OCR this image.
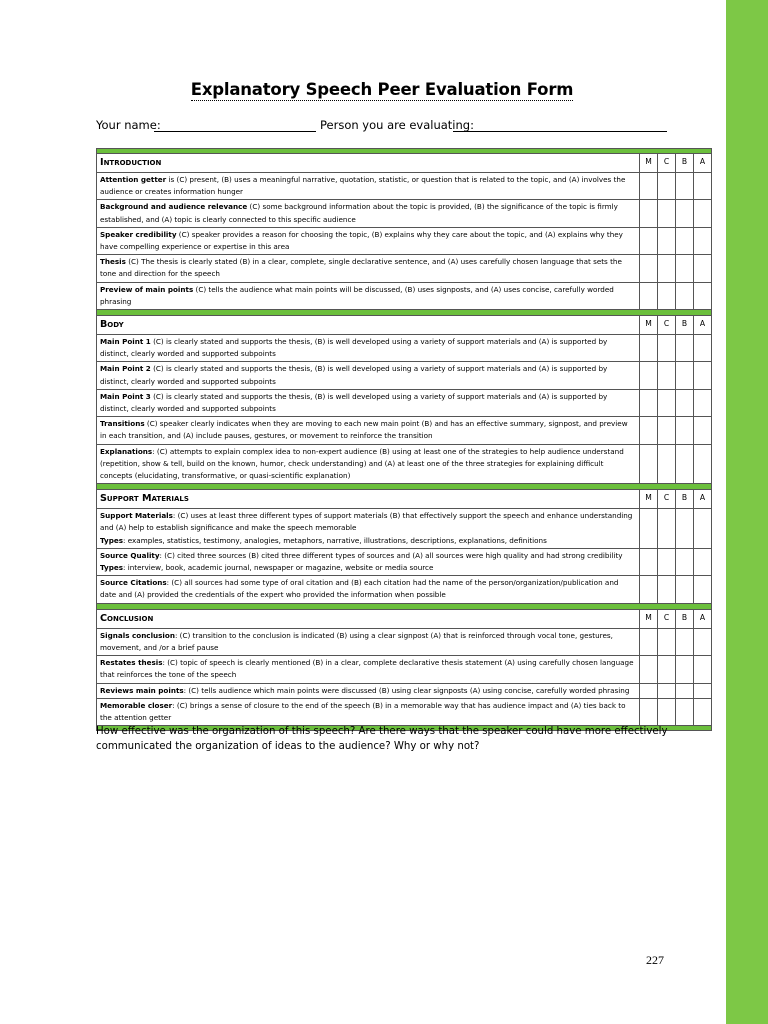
Explanatory Speech Peer Evaluation Form
Your name:	Person you are evaluating:
Introduction	M	C	B	A
Attention getter is (C) present, (B) uses a meaningful narrative, quotation, statistic, or question that is related to the topic, and (A) involves the audience or creates information hunger				
Background and audience relevance (C) some background information about the topic is provided, (B) the significance of the topic is firmly established, and (A) topic is clearly connected to this specific audience				
Speaker credibility (C) speaker provides a reason for choosing the topic, (B) explains why they care about the topic, and (A) explains why they have compelling experience or expertise in this area				
Thesis (C) The thesis is clearly stated (B) in a clear, complete, single declarative sentence, and (A) uses carefully chosen language that sets the tone and direction for the speech				
Preview of main points (C) tells the audience what main points will be discussed, (B) uses signposts, and (A) uses concise, carefully worded phrasing				
Body	M	C	B	A
Main Point 1 (C) is clearly stated and supports the thesis, (B) is well developed using a variety of support materials and (A) is supported by distinct, clearly worded and supported subpoints				
Main Point 2 (C) is clearly stated and supports the thesis, (B) is well developed using a variety of support materials and (A) is supported by distinct, clearly worded and supported subpoints				
Main Point 3 (C) is clearly stated and supports the thesis, (B) is well developed using a variety of support materials and (A) is supported by distinct, clearly worded and supported subpoints				
Transitions (C) speaker clearly indicates when they are moving to each new main point (B) and has an effective summary, signpost, and preview in each transition, and (A) include pauses, gestures, or movement to reinforce the transition				
Explanations: (C) attempts to explain complex idea to non-expert audience (B) using at least one of the strategies to help audience understand (repetition, show & tell, build on the known, humor, check understanding) and (A) at least one of the three strategies for explaining difficult concepts (elucidating, transformative, or quasi-scientific explanation)				
Support Materials	M	C	B	A
Support Materials: (C) uses at least three different types of support materials (B) that effectively support the speech and enhance understanding and (A) help to establish significance and make the speech memorable
Types: examples, statistics, testimony, analogies, metaphors, narrative, illustrations, descriptions, explanations, definitions				
Source Quality: (C) cited three sources (B) cited three different types of sources and (A) all sources were high quality and had strong credibility
Types: interview, book, academic journal, newspaper or magazine, website or media source				
Source Citations: (C) all sources had some type of oral citation and (B) each citation had the name of the person/organization/publication and date and (A) provided the credentials of the expert who provided the information when possible				
Conclusion	M	C	B	A
Signals conclusion: (C) transition to the conclusion is indicated (B) using a clear signpost (A) that is reinforced through vocal tone, gestures, movement, and /or a brief pause				
Restates thesis: (C) topic of speech is clearly mentioned (B) in a clear, complete declarative thesis statement (A) using carefully chosen language that reinforces the tone of the speech				
Reviews main points: (C) tells audience which main points were discussed (B) using clear signposts (A) using concise, carefully worded phrasing				
Memorable closer: (C) brings a sense of closure to the end of the speech (B) in a memorable way that has audience impact and (A) ties back to the attention getter				
How effective was the organization of this speech? Are there ways that the speaker could have more effectively communicated the organization of ideas to the audience? Why or why not?
227
